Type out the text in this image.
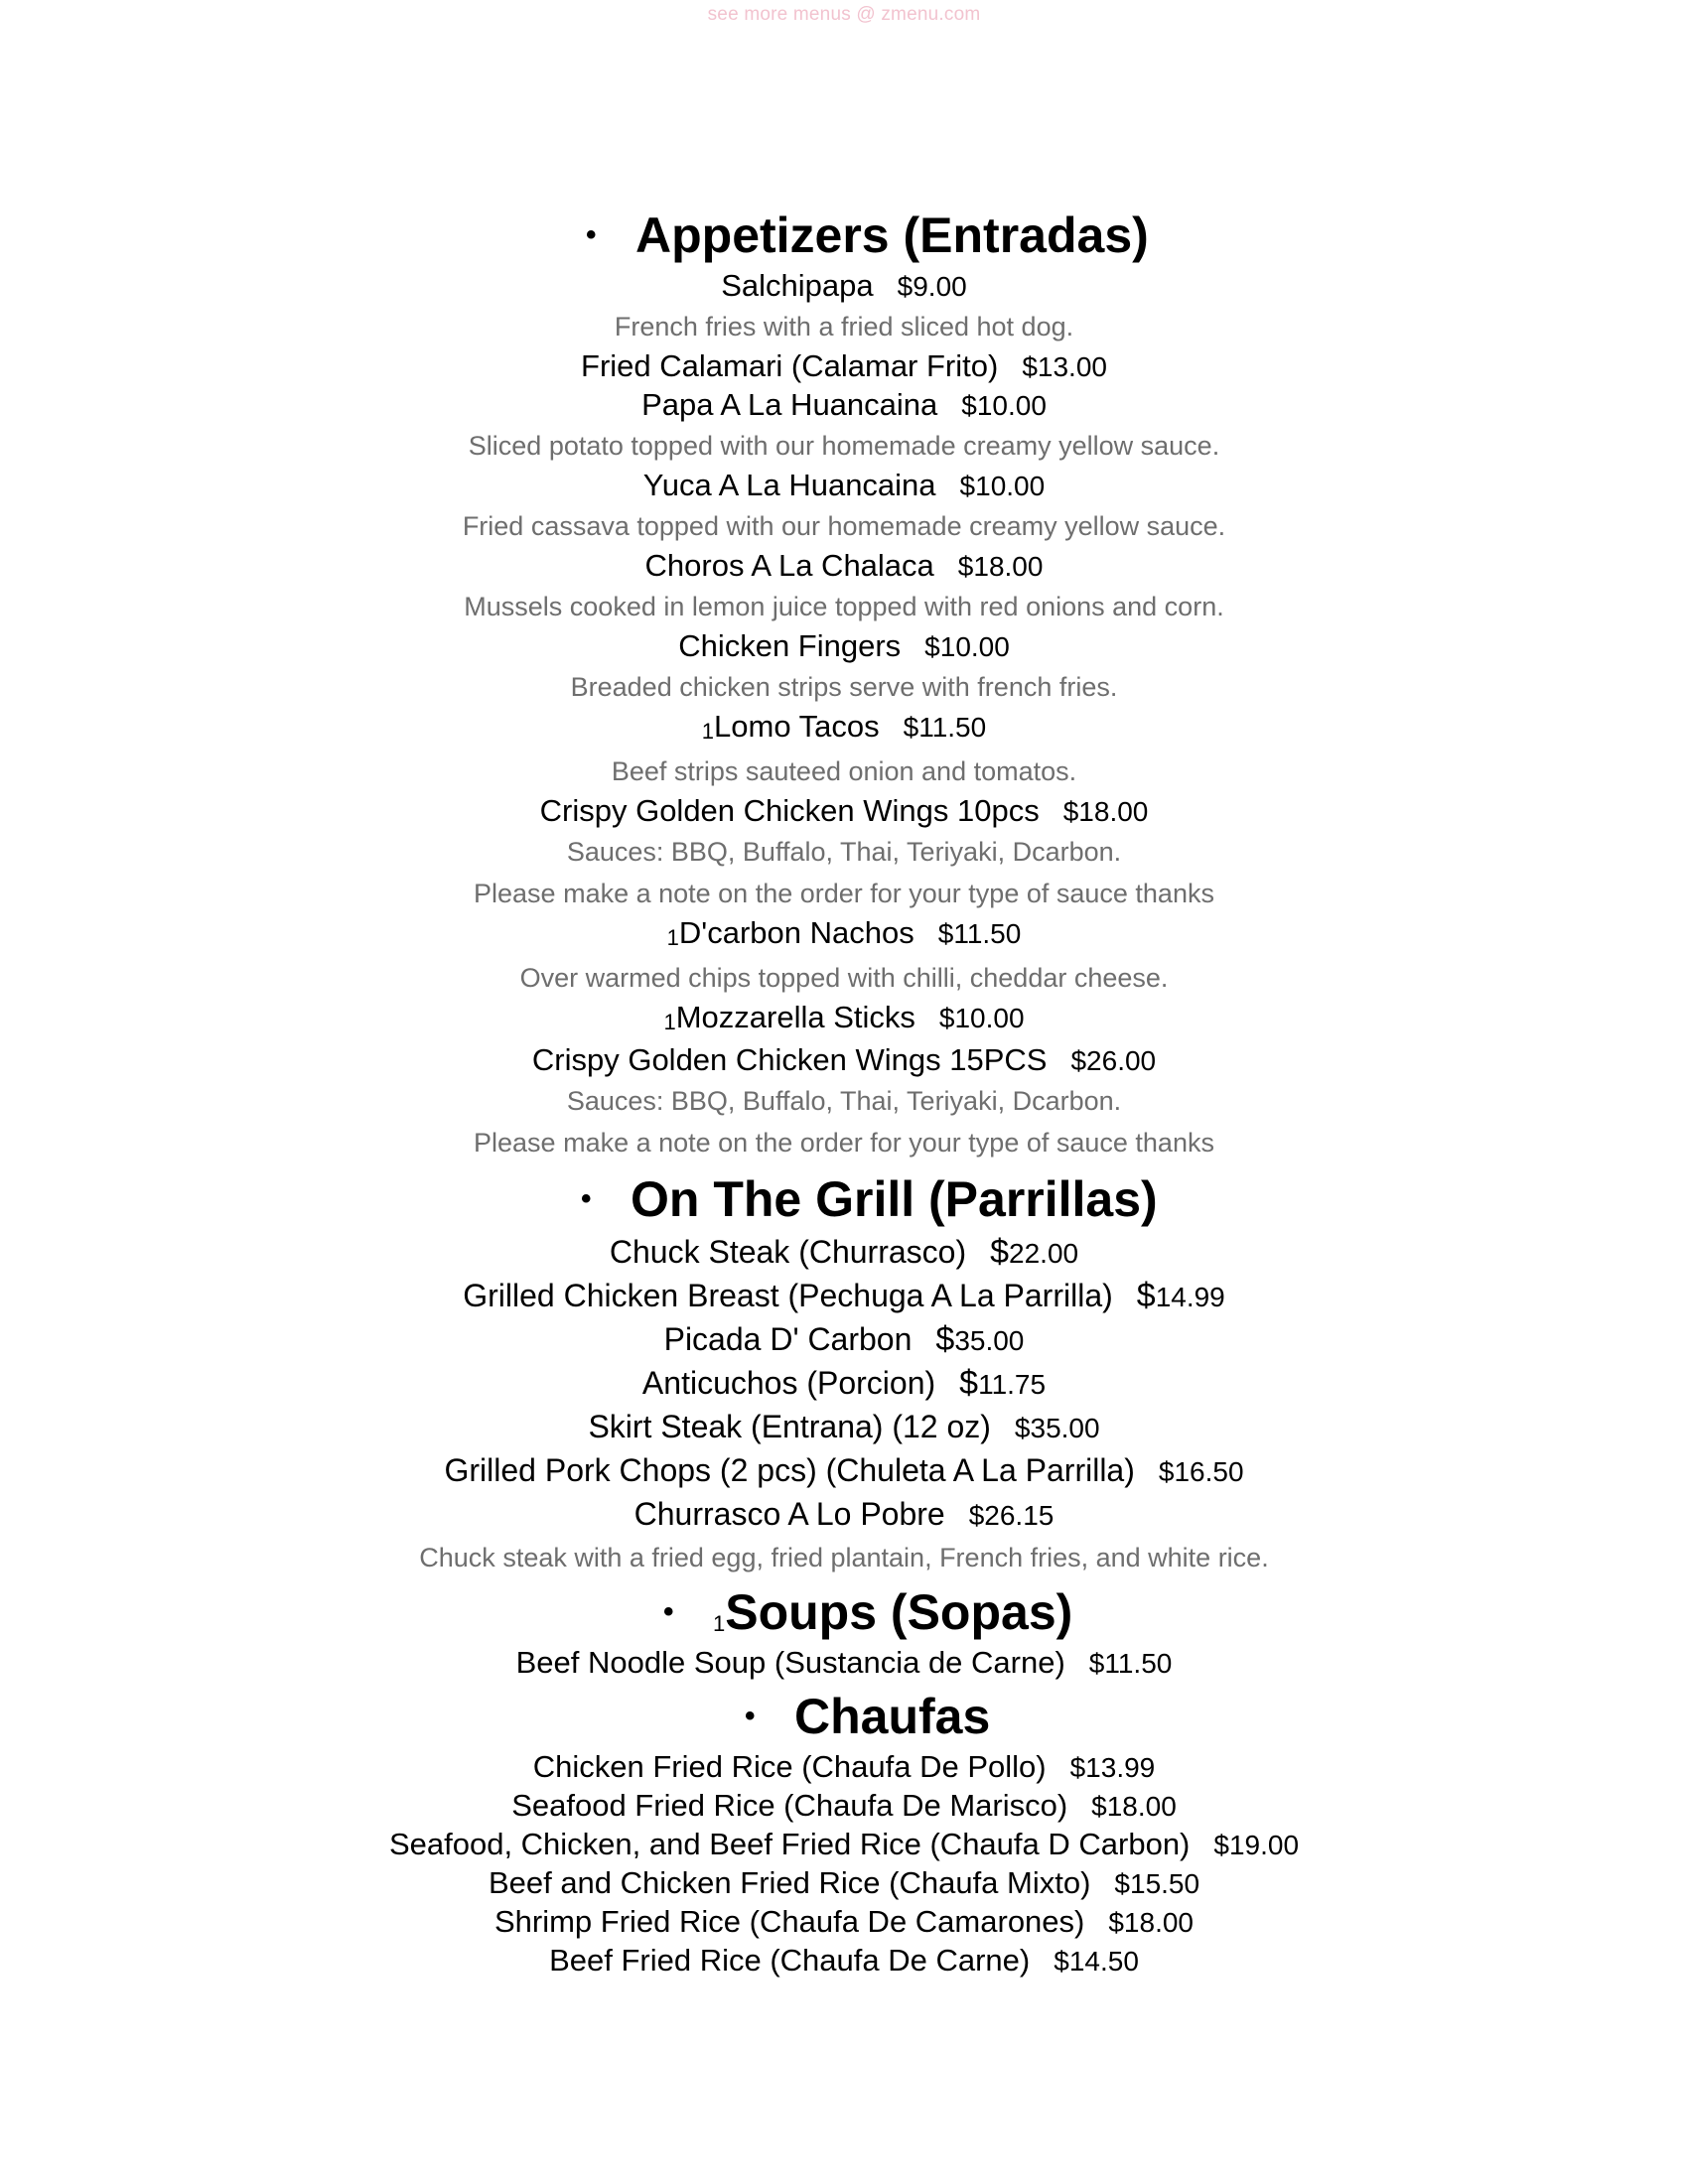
see more menus @ zmenu.com
• Appetizers (Entradas)
Salchipapa $9.00
French fries with a fried sliced hot dog.
Fried Calamari (Calamar Frito) $13.00
Papa A La Huancaina $10.00
Sliced potato topped with our homemade creamy yellow sauce.
Yuca A La Huancaina $10.00
Fried cassava topped with our homemade creamy yellow sauce.
Choros A La Chalaca $18.00
Mussels cooked in lemon juice topped with red onions and corn.
Chicken Fingers $10.00
Breaded chicken strips serve with french fries.
1Lomo Tacos $11.50
Beef strips sauteed onion and tomatos.
Crispy Golden Chicken Wings 10pcs $18.00
Sauces: BBQ, Buffalo, Thai, Teriyaki, Dcarbon.
Please make a note on the order for your type of sauce thanks
1D'carbon Nachos $11.50
Over warmed chips topped with chilli, cheddar cheese.
1Mozzarella Sticks $10.00
Crispy Golden Chicken Wings 15PCS $26.00
Sauces: BBQ, Buffalo, Thai, Teriyaki, Dcarbon.
Please make a note on the order for your type of sauce thanks
• On The Grill (Parrillas)
Chuck Steak (Churrasco) $22.00
Grilled Chicken Breast (Pechuga A La Parrilla) $14.99
Picada D' Carbon $35.00
Anticuchos (Porcion) $11.75
Skirt Steak (Entrana) (12 oz) $35.00
Grilled Pork Chops (2 pcs) (Chuleta A La Parrilla) $16.50
Churrasco A Lo Pobre $26.15
Chuck steak with a fried egg, fried plantain, French fries, and white rice.
• 1Soups (Sopas)
Beef Noodle Soup (Sustancia de Carne) $11.50
• Chaufas
Chicken Fried Rice (Chaufa De Pollo) $13.99
Seafood Fried Rice (Chaufa De Marisco) $18.00
Seafood, Chicken, and Beef Fried Rice (Chaufa D Carbon) $19.00
Beef and Chicken Fried Rice (Chaufa Mixto) $15.50
Shrimp Fried Rice (Chaufa De Camarones) $18.00
Beef Fried Rice (Chaufa De Carne) $14.50
